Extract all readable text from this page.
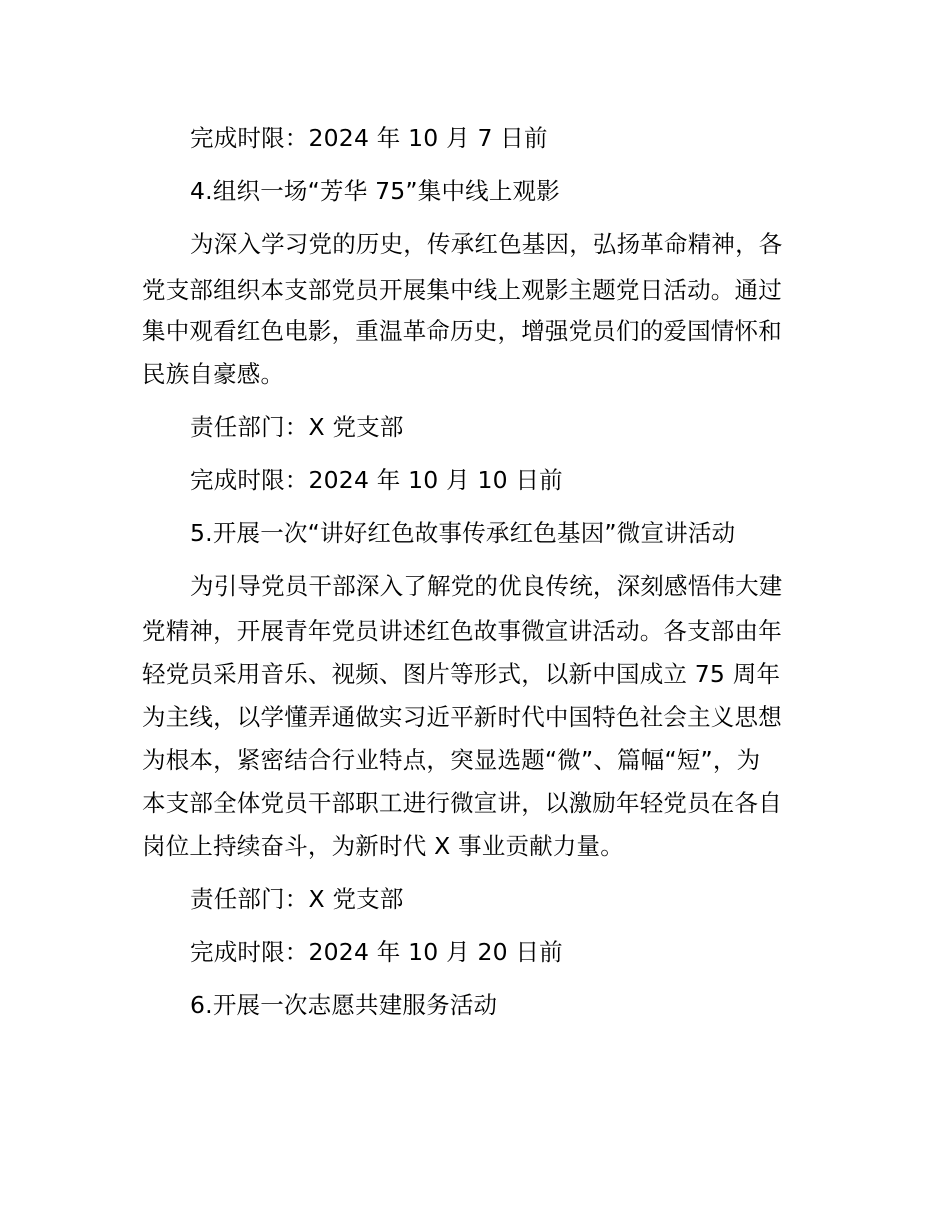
完成时限：2024 年 10 月 7 日前
4.组织一场“芳华 75”集中线上观影
为深入学习党的历史，传承红色基因，弘扬革命精神，各
党支部组织本支部党员开展集中线上观影主题党日活动。通过
集中观看红色电影，重温革命历史，增强党员们的爱国情怀和
民族自豪感。
责任部门：X 党支部
完成时限：2024 年 10 月 10 日前
5.开展一次“讲好红色故事传承红色基因”微宣讲活动
为引导党员干部深入了解党的优良传统，深刻感悟伟大建
党精神，开展青年党员讲述红色故事微宣讲活动。各支部由年
轻党员采用音乐、视频、图片等形式，以新中国成立 75 周年
为主线，以学懂弄通做实习近平新时代中国特色社会主义思想
为根本，紧密结合行业特点，突显选题“微”、篇幅“短”，为
本支部全体党员干部职工进行微宣讲，以激励年轻党员在各自
岗位上持续奋斗，为新时代 X 事业贡献力量。
责任部门：X 党支部
完成时限：2024 年 10 月 20 日前
6.开展一次志愿共建服务活动
